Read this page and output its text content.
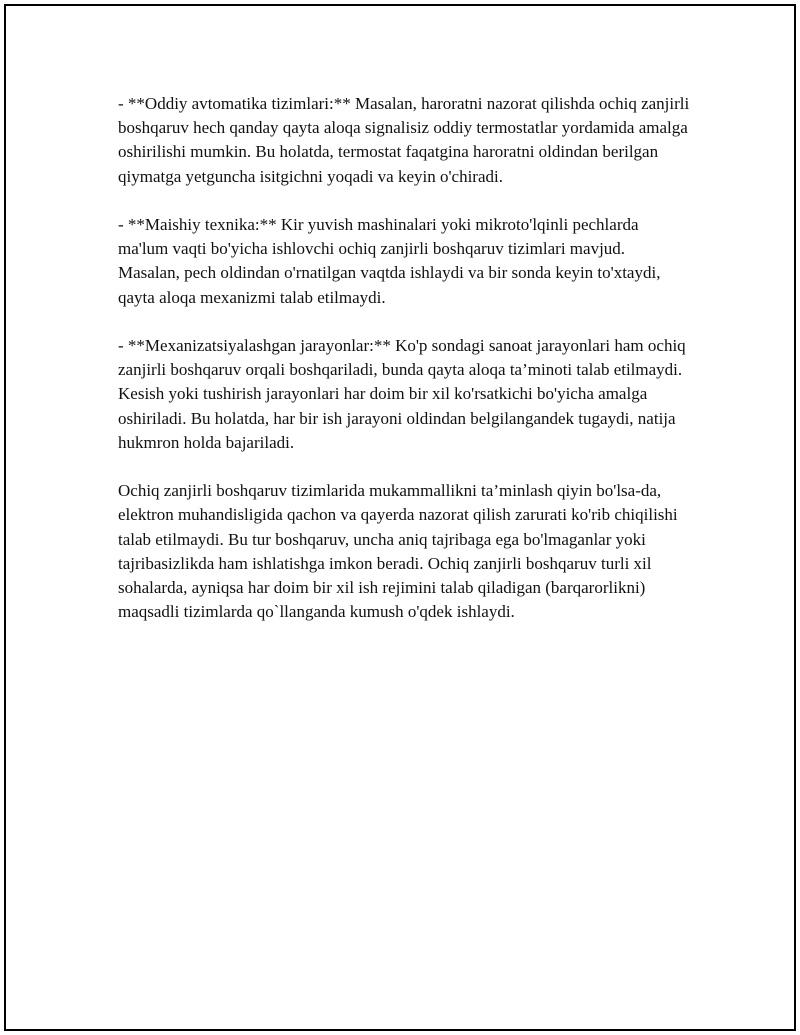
- **Oddiy avtomatika tizimlari:** Masalan, haroratni nazorat qilishda ochiq zanjirli boshqaruv hech qanday qayta aloqa signalisiz oddiy termostatlar yordamida amalga oshirilishi mumkin. Bu holatda, termostat faqatgina haroratni oldindan berilgan qiymatga yetguncha isitgichni yoqadi va keyin o'chiradi.

- **Maishiy texnika:** Kir yuvish mashinalari yoki mikroto'lqinli pechlarda ma'lum vaqti bo'yicha ishlovchi ochiq zanjirli boshqaruv tizimlari mavjud. Masalan, pech oldindan o'rnatilgan vaqtda ishlaydi va bir sonda keyin to'xtaydi, qayta aloqa mexanizmi talab etilmaydi.

- **Mexanizatsiyalashgan jarayonlar:** Ko'p sondagi sanoat jarayonlari ham ochiq zanjirli boshqaruv orqali boshqariladi, bunda qayta aloqa ta’minoti talab etilmaydi. Kesish yoki tushirish jarayonlari har doim bir xil ko'rsatkichi bo'yicha amalga oshiriladi. Bu holatda, har bir ish jarayoni oldindan belgilangandek tugaydi, natija hukmron holda bajariladi.

Ochiq zanjirli boshqaruv tizimlarida mukammallikni ta’minlash qiyin bo'lsa-da, elektron muhandisligida qachon va qayerda nazorat qilish zarurati ko'rib chiqilishi talab etilmaydi. Bu tur boshqaruv, uncha aniq tajribaga ega bo'lmaganlar yoki tajribasizlikda ham ishlatishga imkon beradi. Ochiq zanjirli boshqaruv turli xil sohalarda, ayniqsa har doim bir xil ish rejimini talab qiladigan (barqarorlikni) maqsadli tizimlarda qo`llanganda kumush o'qdek ishlaydi.
